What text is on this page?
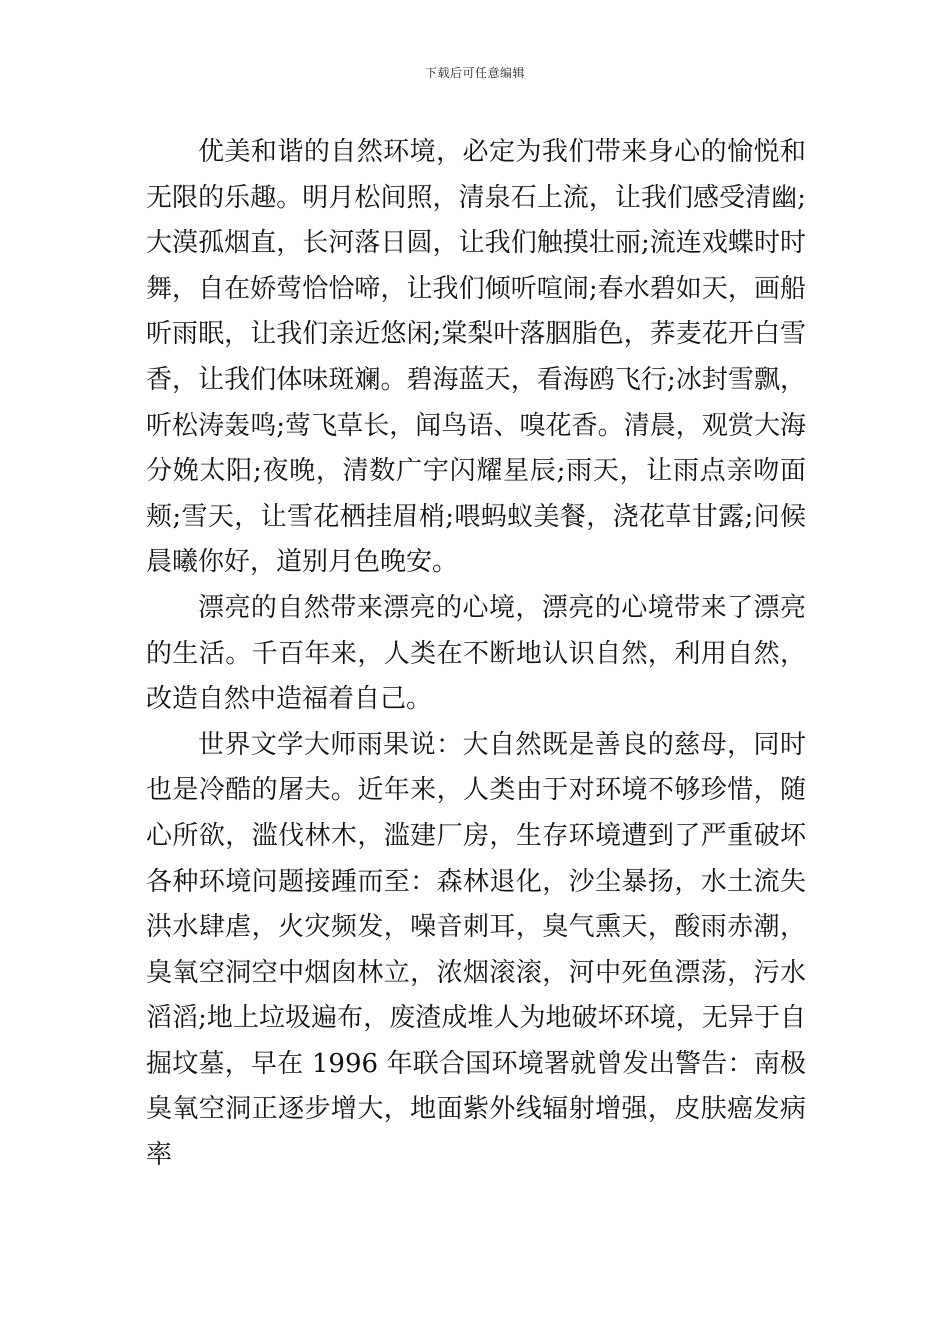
下载后可任意编辑

优美和谐的自然环境，必定为我们带来身心的愉悦和无限的乐趣。明月松间照，清泉石上流，让我们感受清幽;大漠孤烟直，长河落日圆，让我们触摸壮丽;流连戏蝶时时舞，自在娇莺恰恰啼，让我们倾听喧闹;春水碧如天，画船听雨眠，让我们亲近悠闲;棠梨叶落胭脂色，荞麦花开白雪香，让我们体味斑斓。碧海蓝天，看海鸥飞行;冰封雪飘，听松涛轰鸣;莺飞草长，闻鸟语、嗅花香。清晨，观赏大海分娩太阳;夜晚，清数广宇闪耀星辰;雨天，让雨点亲吻面颊;雪天，让雪花栖挂眉梢;喂蚂蚁美餐，浇花草甘露;问候晨曦你好，道别月色晚安。

漂亮的自然带来漂亮的心境，漂亮的心境带来了漂亮的生活。千百年来，人类在不断地认识自然，利用自然，改造自然中造福着自己。

世界文学大师雨果说：大自然既是善良的慈母，同时也是冷酷的屠夫。近年来，人类由于对环境不够珍惜，随心所欲，滥伐林木，滥建厂房，生存环境遭到了严重破坏各种环境问题接踵而至：森林退化，沙尘暴扬，水土流失洪水肆虐，火灾频发，噪音刺耳，臭气熏天，酸雨赤潮，臭氧空洞空中烟囱林立，浓烟滚滚，河中死鱼漂荡，污水滔滔;地上垃圾遍布，废渣成堆人为地破坏环境，无异于自掘坟墓，早在 1996 年联合国环境署就曾发出警告：南极臭氧空洞正逐步增大，地面紫外线辐射增强，皮肤癌发病率
